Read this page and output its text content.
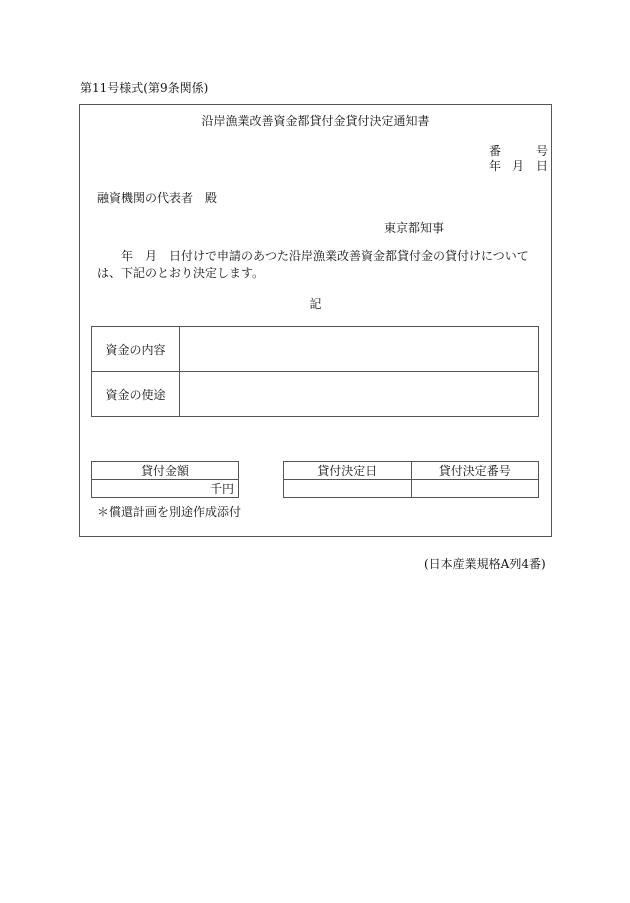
第11号様式(第9条関係)
沿岸漁業改善資金都貸付金貸付決定通知書
番	号
年 月 日
融資機関の代表者　殿
東京都知事
　　年　月　日付けで申請のあつた沿岸漁業改善資金都貸付金の貸付けについては、下記のとおり決定します。
記
資金の内容	
資金の使途	
貸付金額
千円
貸付決定日	貸付決定番号

＊償還計画を別途作成添付
(日本産業規格A列4番)
